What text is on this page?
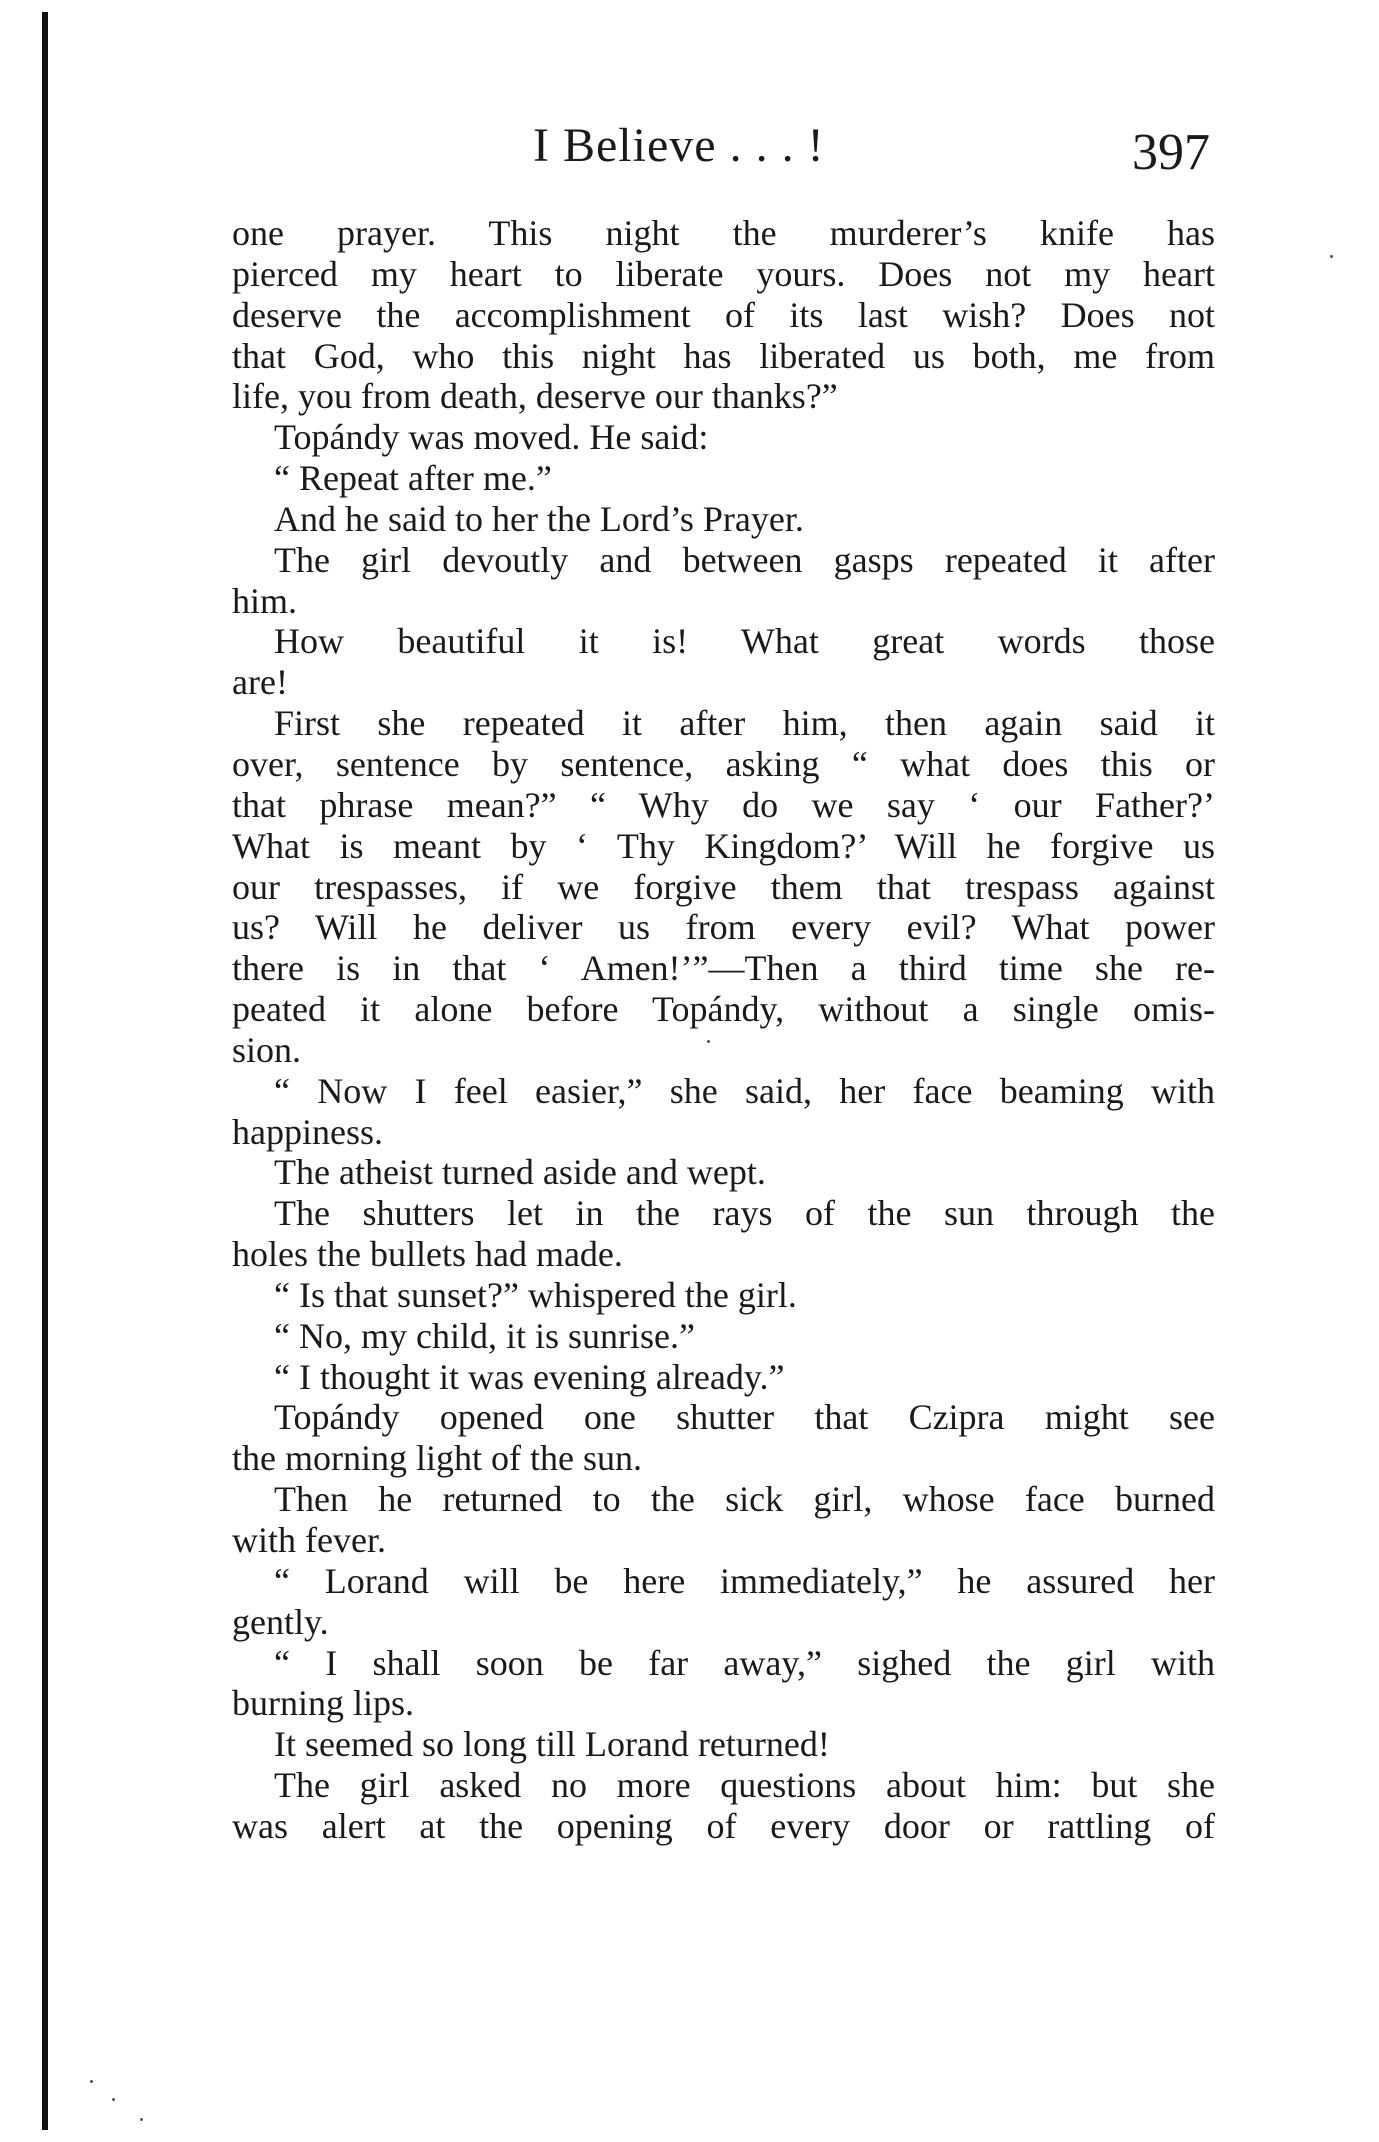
I Believe . . . !	397
one prayer. This night the murderer’s knife has
pierced my heart to liberate yours. Does not my heart
deserve the accomplishment of its last wish? Does not
that God, who this night has liberated us both, me from
life, you from death, deserve our thanks?”
Topándy was moved. He said:
“ Repeat after me.”
And he said to her the Lord’s Prayer.
The girl devoutly and between gasps repeated it after
him.
How beautiful it is! What great words those
are!
First she repeated it after him, then again said it
over, sentence by sentence, asking “ what does this or
that phrase mean?” “ Why do we say ‘ our Father?’
What is meant by ‘ Thy Kingdom?’ Will he forgive us
our trespasses, if we forgive them that trespass against
us? Will he deliver us from every evil? What power
there is in that ‘ Amen!’”—Then a third time she re-
peated it alone before Topándy, without a single omis-
sion.
“ Now I feel easier,” she said, her face beaming with
happiness.
The atheist turned aside and wept.
The shutters let in the rays of the sun through the
holes the bullets had made.
“ Is that sunset?” whispered the girl.
“ No, my child, it is sunrise.”
“ I thought it was evening already.”
Topándy opened one shutter that Czipra might see
the morning light of the sun.
Then he returned to the sick girl, whose face burned
with fever.
“ Lorand will be here immediately,” he assured her
gently.
“ I shall soon be far away,” sighed the girl with
burning lips.
It seemed so long till Lorand returned!
The girl asked no more questions about him: but she
was alert at the opening of every door or rattling of
